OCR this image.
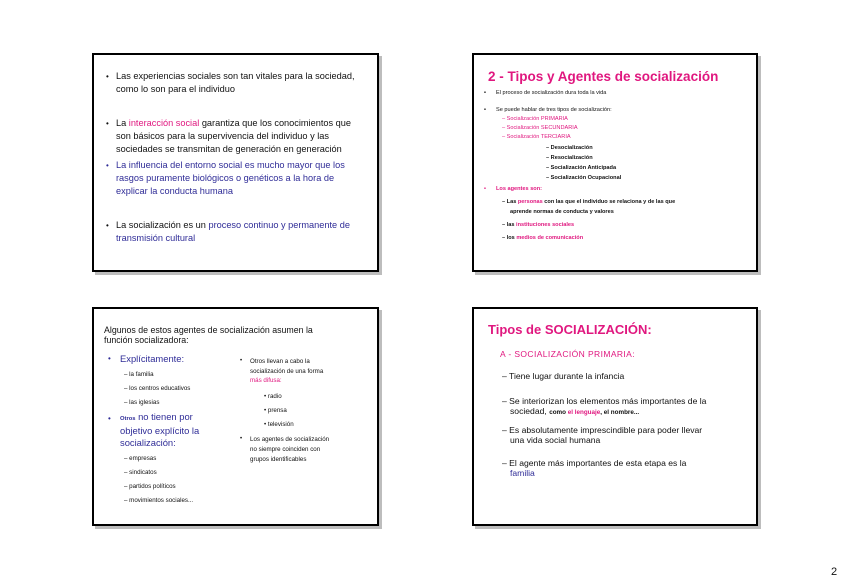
• Las experiencias sociales son tan vitales para la sociedad,
como lo son para el individuo
• La interacción social garantiza que los conocimientos que
son básicos para la supervivencia del individuo y las
sociedades se transmitan de generación en generación
• La influencia del entorno social es mucho mayor que los
rasgos puramente biológicos o genéticos a la hora de
explicar la conducta humana
• La socialización es un proceso continuo y permanente de
transmisión cultural
2 - Tipos y Agentes de socialización
• El proceso de socialización dura toda la vida
• Se puede hablar de tres tipos de socialización:
– Socialización PRIMARIA
– Socialización SECUNDARIA
– Socialización TERCIARIA
– Desocialización
– Resocialización
– Socialización Anticipada
– Socialización Ocupacional
• Los agentes son:
– Las personas con las que el individuo se relaciona y de las que
aprende normas de conducta y valores
– las instituciones sociales
– los medios de comunicación
Algunos de estos agentes de socialización asumen la
función socializadora:
• Explícitamente:
– la familia
– los centros educativos
– las iglesias
• Otros no tienen por
objetivo explícito la
socialización:
– empresas
– sindicatos
– partidos políticos
– movimientos sociales...
• Otros llevan a cabo la
socialización de una forma
más difusa:
• radio
• prensa
• televisión
• Los agentes de socialización
no siempre coinciden con
grupos identificables
Tipos de SOCIALIZACIÓN:
A - SOCIALIZACIÓN PRIMARIA:
– Tiene lugar durante la infancia
– Se interiorizan los elementos más importantes de la
sociedad, como el lenguaje, el nombre...
– Es absolutamente imprescindible para poder llevar
una vida social humana
– El agente más importantes de esta etapa es la
familia
2
